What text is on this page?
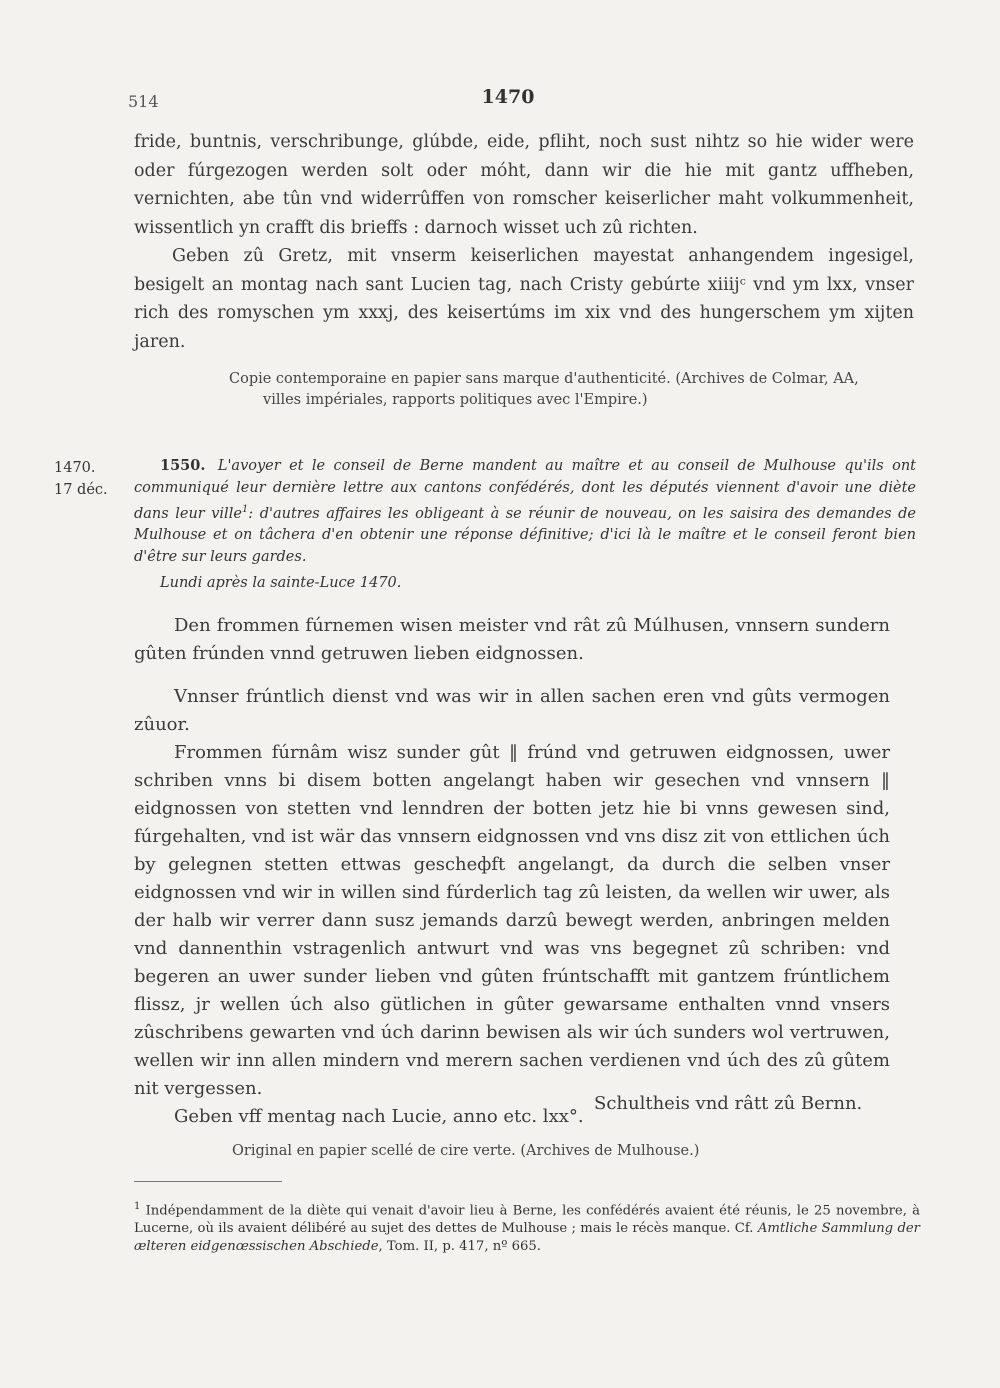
514	1470

fride, buntnis, verschribunge, glúbde, eide, pfliht, noch sust nihtz so hie wider were oder fúrgezogen werden solt oder móht, dann wir die hie mit gantz uffheben, vernichten, abe tûn vnd widerrûffen von romscher keiserlicher maht volkummenheit, wissentlich yn crafft dis brieffs : darnoch wisset uch zû richten.

Geben zû Gretz, mit vnserm keiserlichen mayestat anhangendem ingesigel, besigelt an montag nach sant Lucien tag, nach Cristy gebúrte xiiijᶜ vnd ym lxx, vnser rich des romyschen ym xxxj, des keisertúms im xix vnd des hungerschem ym xijten jaren.

Copie contemporaine en papier sans marque d'authenticité. (Archives de Colmar, AA,
villes impériales, rapports politiques avec l'Empire.)
1470.
17 déc.
1550. L'avoyer et le conseil de Berne mandent au maître et au conseil de Mulhouse qu'ils ont communiqué leur dernière lettre aux cantons confédérés, dont les députés viennent d'avoir une diète dans leur ville$^1$: d'autres affaires les obligeant à se réunir de nouveau, on les saisira des demandes de Mulhouse et on tâchera d'en obtenir une réponse définitive; d'ici là le maître et le conseil feront bien d'être sur leurs gardes.
Lundi après la sainte-Luce 1470.

Den frommen fúrnemen wisen meister vnd rât zû Múlhusen, vnnsern sundern gûten frúnden vnnd getruwen lieben eidgnossen.

Vnnser frúntlich dienst vnd was wir in allen sachen eren vnd gûts vermogen zûuor.

Frommen fúrnâm wisz sunder gût ‖ frúnd vnd getruwen eidgnossen, uwer schriben vnns bi disem botten angelangt haben wir gesechen vnd vnnsern ‖ eidgnossen von stetten vnd lenndren der botten jetz hie bi vnns gewesen sind, fúrgehalten, vnd ist wär das vnnsern eidgnossen vnd vns disz zit von ettlichen úch by gelegnen stetten ettwas gescheфft angelangt, da durch die selben vnser eidgnossen vnd wir in willen sind fúrderlich tag zû leisten, da wellen wir uwer, als der halb wir verrer dann susz jemands darzû bewegt werden, anbringen melden vnd dannenthin vstragenlich antwurt vnd was vns begegnet zû schriben: vnd begeren an uwer sunder lieben vnd gûten frúntschafft mit gantzem frúntlichem flissz, jr wellen úch also gütlichen in gûter gewarsame enthalten vnnd vnsers zûschribens gewarten vnd úch darinn bewisen als wir úch sunders wol vertruwen, wellen wir inn allen mindern vnd merern sachen verdienen vnd úch des zû gûtem nit vergessen.

Geben vff mentag nach Lucie, anno etc. lxx°.

Schultheis vnd râtt zû Bernn.
Original en papier scellé de cire verte. (Archives de Mulhouse.)
$^1$ Indépendamment de la diète qui venait d'avoir lieu à Berne, les confédérés avaient été réunis, le 25 novembre, à Lucerne, où ils avaient délibéré au sujet des dettes de Mulhouse ; mais le récès manque. Cf. Amtliche Sammlung der ælteren eidgenœssischen Abschiede, Tom. II, p. 417, nº 665.
